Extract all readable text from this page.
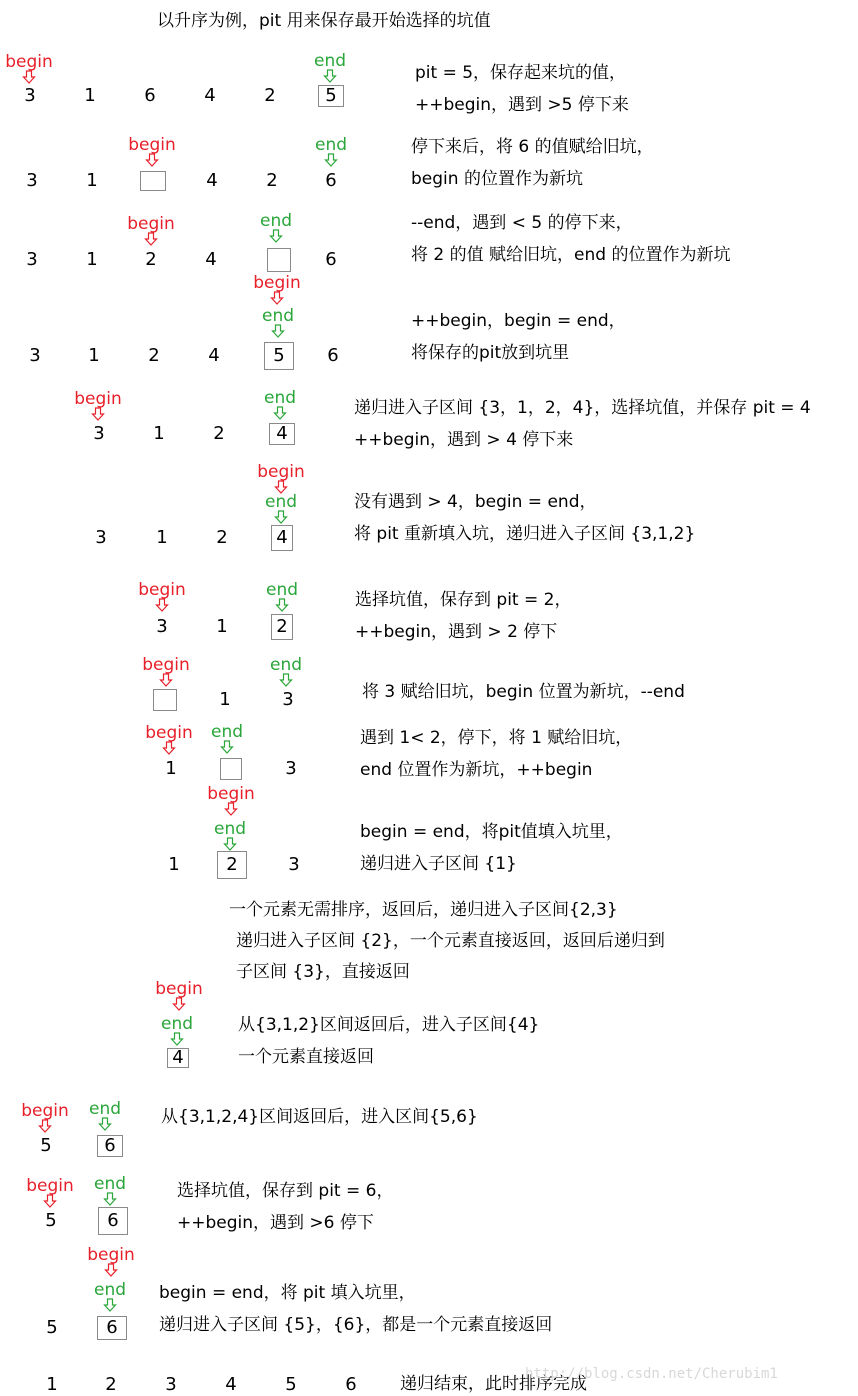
以升序为例，pit 用来保存最开始选择的坑值
3	1	6	4	2	5
begin	end
pit = 5，保存起来坑的值，
++begin，遇到 >5 停下来
3	1	4	2	6
begin	end	停下来后，将 6 的值赋给旧坑，
begin 的位置作为新坑
3	1	2	4	6
begin	end	--end，遇到 < 5 的停下来，
将 2 的值 赋给旧坑，end 的位置作为新坑
3	1	2	4	5	6
begin
end	++begin，begin = end，
将保存的pit放到坑里
3	1	2	4
begin	end	递归进入子区间 {3，1，2，4}，选择坑值，并保存 pit = 4
++begin，遇到 > 4 停下来
3	1	2	4
begin
end	没有遇到 > 4，begin = end，
将 pit 重新填入坑，递归进入子区间 {3,1,2}
3	1	2
begin	end	选择坑值，保存到 pit = 2，
++begin，遇到 > 2 停下
1	3
begin	end
将 3 赋给旧坑，begin 位置为新坑，--end
1	3
begin	end	遇到 1< 2，停下，将 1 赋给旧坑，
end 位置作为新坑，++begin
1	2	3
begin
end	begin = end，将pit值填入坑里，
递归进入子区间 {1}
一个元素无需排序，返回后，递归进入子区间{2,3}
递归进入子区间 {2}，一个元素直接返回，返回后递归到
子区间 {3}，直接返回
4
begin
end	从{3,1,2}区间返回后，进入子区间{4}
一个元素直接返回
5	6
begin	end	从{3,1,2,4}区间返回后，进入区间{5,6}
5	6
begin	end	选择坑值，保存到 pit = 6，
++begin，遇到 >6 停下
5	6
begin
end	begin = end，将 pit 填入坑里，
递归进入子区间 {5}，{6}，都是一个元素直接返回
1	2	3	4	5	6	递归结束，此时排序完成
http://blog.csdn.net/Cherubim1
